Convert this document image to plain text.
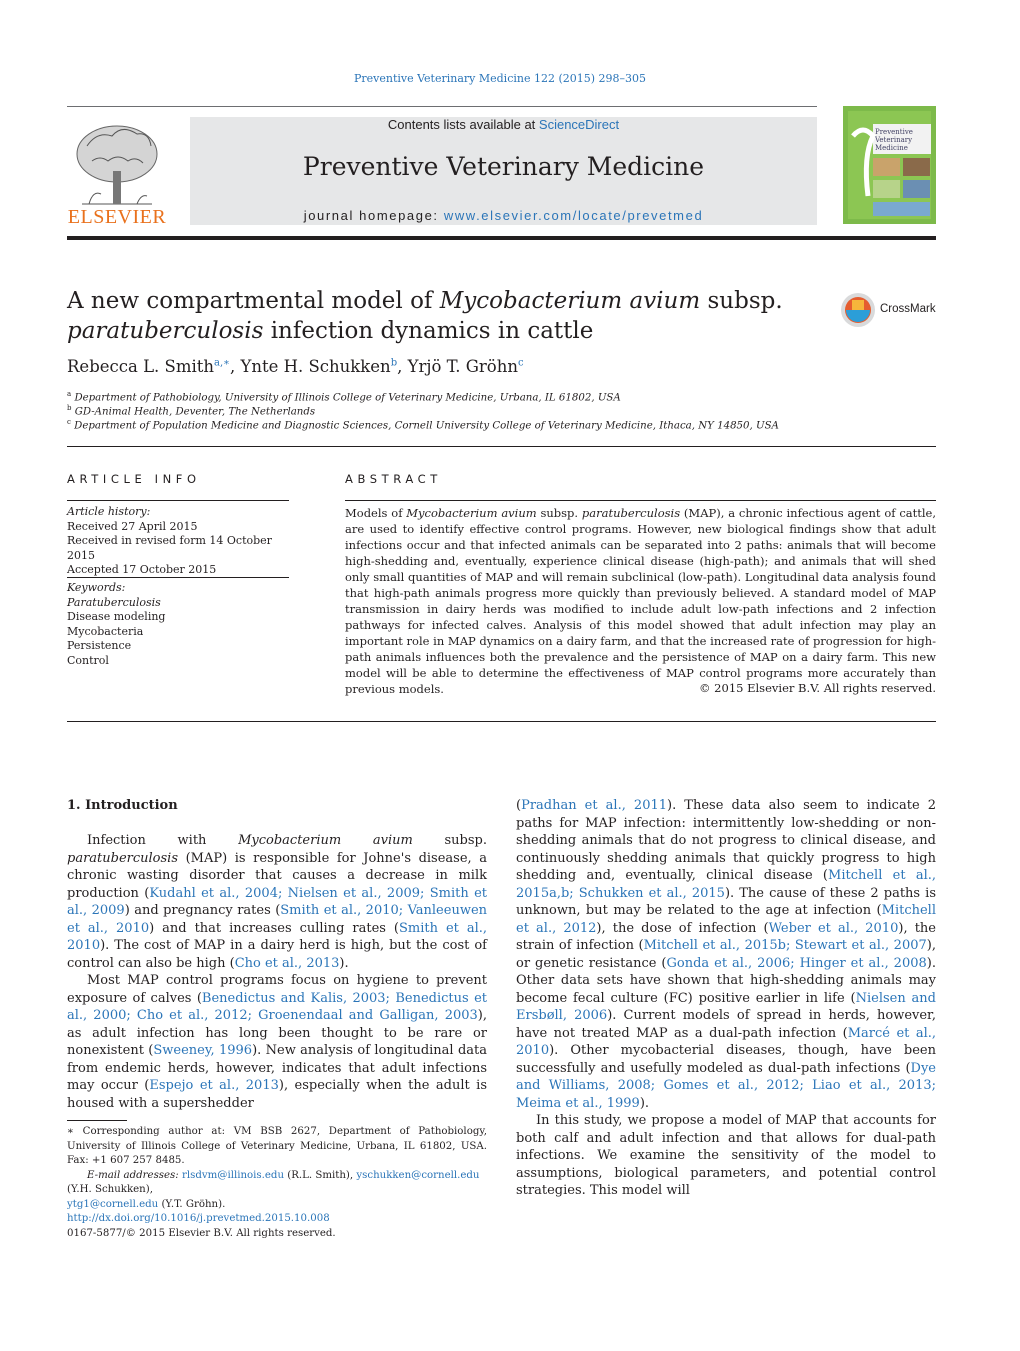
Preventive Veterinary Medicine 122 (2015) 298–305
Contents lists available at ScienceDirect
Preventive Veterinary Medicine
journal homepage: www.elsevier.com/locate/prevetmed
ELSEVIER
Preventive Veterinary Medicine
A new compartmental model of Mycobacterium avium subsp.
paratuberculosis infection dynamics in cattle
CrossMark
Rebecca L. Smith$^{a,∗}$, Ynte H. Schukken$^b$, Yrjö T. Gröhn$^c$
$^a$ Department of Pathobiology, University of Illinois College of Veterinary Medicine, Urbana, IL 61802, USA
$^b$ GD-Animal Health, Deventer, The Netherlands
$^c$ Department of Population Medicine and Diagnostic Sciences, Cornell University College of Veterinary Medicine, Ithaca, NY 14850, USA
ARTICLE INFO
Article history:
Received 27 April 2015
Received in revised form 14 October 2015
Accepted 17 October 2015
Keywords:
Paratuberculosis
Disease modeling
Mycobacteria
Persistence
Control
ABSTRACT
Models of Mycobacterium avium subsp. paratuberculosis (MAP), a chronic infectious agent of cattle, are used to identify effective control programs. However, new biological findings show that adult infections occur and that infected animals can be separated into 2 paths: animals that will become high-shedding and, eventually, experience clinical disease (high-path); and animals that will shed only small quantities of MAP and will remain subclinical (low-path). Longitudinal data analysis found that high-path animals progress more quickly than previously believed. A standard model of MAP transmission in dairy herds was modified to include adult low-path infections and 2 infection pathways for infected calves. Analysis of this model showed that adult infection may play an important role in MAP dynamics on a dairy farm, and that the increased rate of progression for high-path animals influences both the prevalence and the persistence of MAP on a dairy farm. This new model will be able to determine the effectiveness of MAP control programs more accurately than previous models.	© 2015 Elsevier B.V. All rights reserved.
1. Introduction

Infection with Mycobacterium avium subsp. paratuberculosis (MAP) is responsible for Johne's disease, a chronic wasting disorder that causes a decrease in milk production (Kudahl et al., 2004; Nielsen et al., 2009; Smith et al., 2009) and pregnancy rates (Smith et al., 2010; Vanleeuwen et al., 2010) and that increases culling rates (Smith et al., 2010). The cost of MAP in a dairy herd is high, but the cost of control can also be high (Cho et al., 2013).

Most MAP control programs focus on hygiene to prevent exposure of calves (Benedictus and Kalis, 2003; Benedictus et al., 2000; Cho et al., 2012; Groenendaal and Galligan, 2003), as adult infection has long been thought to be rare or nonexistent (Sweeney, 1996). New analysis of longitudinal data from endemic herds, however, indicates that adult infections may occur (Espejo et al., 2013), especially when the adult is housed with a supershedder

(Pradhan et al., 2011). These data also seem to indicate 2 paths for MAP infection: intermittently low-shedding or non-shedding animals that do not progress to clinical disease, and continuously shedding animals that quickly progress to high shedding and, eventually, clinical disease (Mitchell et al., 2015a,b; Schukken et al., 2015). The cause of these 2 paths is unknown, but may be related to the age at infection (Mitchell et al., 2012), the dose of infection (Weber et al., 2010), the strain of infection (Mitchell et al., 2015b; Stewart et al., 2007), or genetic resistance (Gonda et al., 2006; Hinger et al., 2008). Other data sets have shown that high-shedding animals may become fecal culture (FC) positive earlier in life (Nielsen and Ersbøll, 2006). Current models of spread in herds, however, have not treated MAP as a dual-path infection (Marcé et al., 2010). Other mycobacterial diseases, though, have been successfully and usefully modeled as dual-path infections (Dye and Williams, 2008; Gomes et al., 2012; Liao et al., 2013; Meima et al., 1999).

In this study, we propose a model of MAP that accounts for both calf and adult infection and that allows for dual-path infections. We examine the sensitivity of the model to assumptions, biological parameters, and potential control strategies. This model will

∗ Corresponding author at: VM BSB 2627, Department of Pathobiology, University of Illinois College of Veterinary Medicine, Urbana, IL 61802, USA. Fax: +1 607 257 8485.
E-mail addresses: rlsdvm@illinois.edu (R.L. Smith), yschukken@cornell.edu (Y.H. Schukken),
ytg1@cornell.edu (Y.T. Gröhn).
http://dx.doi.org/10.1016/j.prevetmed.2015.10.008
0167-5877/© 2015 Elsevier B.V. All rights reserved.
